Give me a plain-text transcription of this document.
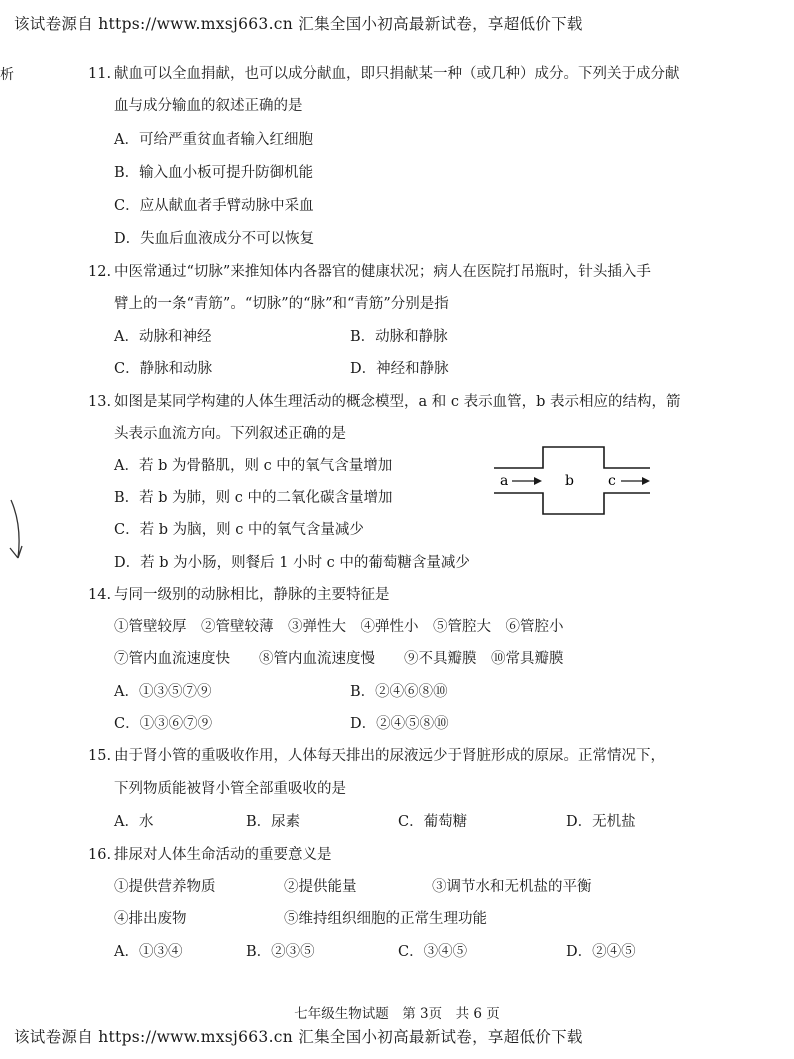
该试卷源自 https://www.mxsj663.cn 汇集全国小初高最新试卷，享超低价下载
析	11. 献血可以全血捐献，也可以成分献血，即只捐献某一种（或几种）成分。下列关于成分献
血与成分输血的叙述正确的是
A．可给严重贫血者输入红细胞
B．输入血小板可提升防御机能
C．应从献血者手臂动脉中采血
D．失血后血液成分不可以恢复
12. 中医常通过“切脉”来推知体内各器官的健康状况；病人在医院打吊瓶时，针头插入手
臂上的一条“青筋”。“切脉”的“脉”和“青筋”分别是指
A．动脉和神经	B．动脉和静脉
C．静脉和动脉	D．神经和静脉
13. 如图是某同学构建的人体生理活动的概念模型，a 和 c 表示血管，b 表示相应的结构，箭
头表示血流方向。下列叙述正确的是
A．若 b 为骨骼肌，则 c 中的氧气含量增加
B．若 b 为肺，则 c 中的二氧化碳含量增加
C．若 b 为脑，则 c 中的氧气含量减少
D．若 b 为小肠，则餐后 1 小时 c 中的葡萄糖含量减少
a	b c
14. 与同一级别的动脉相比，静脉的主要特征是
①管壁较厚　②管壁较薄　③弹性大　④弹性小　⑤管腔大　⑥管腔小
⑦管内血流速度快　　⑧管内血流速度慢　　⑨不具瓣膜　⑩常具瓣膜
A．①③⑤⑦⑨	B．②④⑥⑧⑩
C．①③⑥⑦⑨	D．②④⑤⑧⑩
15. 由于肾小管的重吸收作用，人体每天排出的尿液远少于肾脏形成的原尿。正常情况下，
下列物质能被肾小管全部重吸收的是
A．水	B．尿素	C．葡萄糖	D．无机盐
16. 排尿对人体生命活动的重要意义是
①提供营养物质	②提供能量	③调节水和无机盐的平衡
④排出废物	⑤维持组织细胞的正常生理功能
A．①③④	B．②③⑤	C．③④⑤	D．②④⑤
七年级生物试题　第 3页　共 6 页
该试卷源自 https://www.mxsj663.cn 汇集全国小初高最新试卷，享超低价下载
